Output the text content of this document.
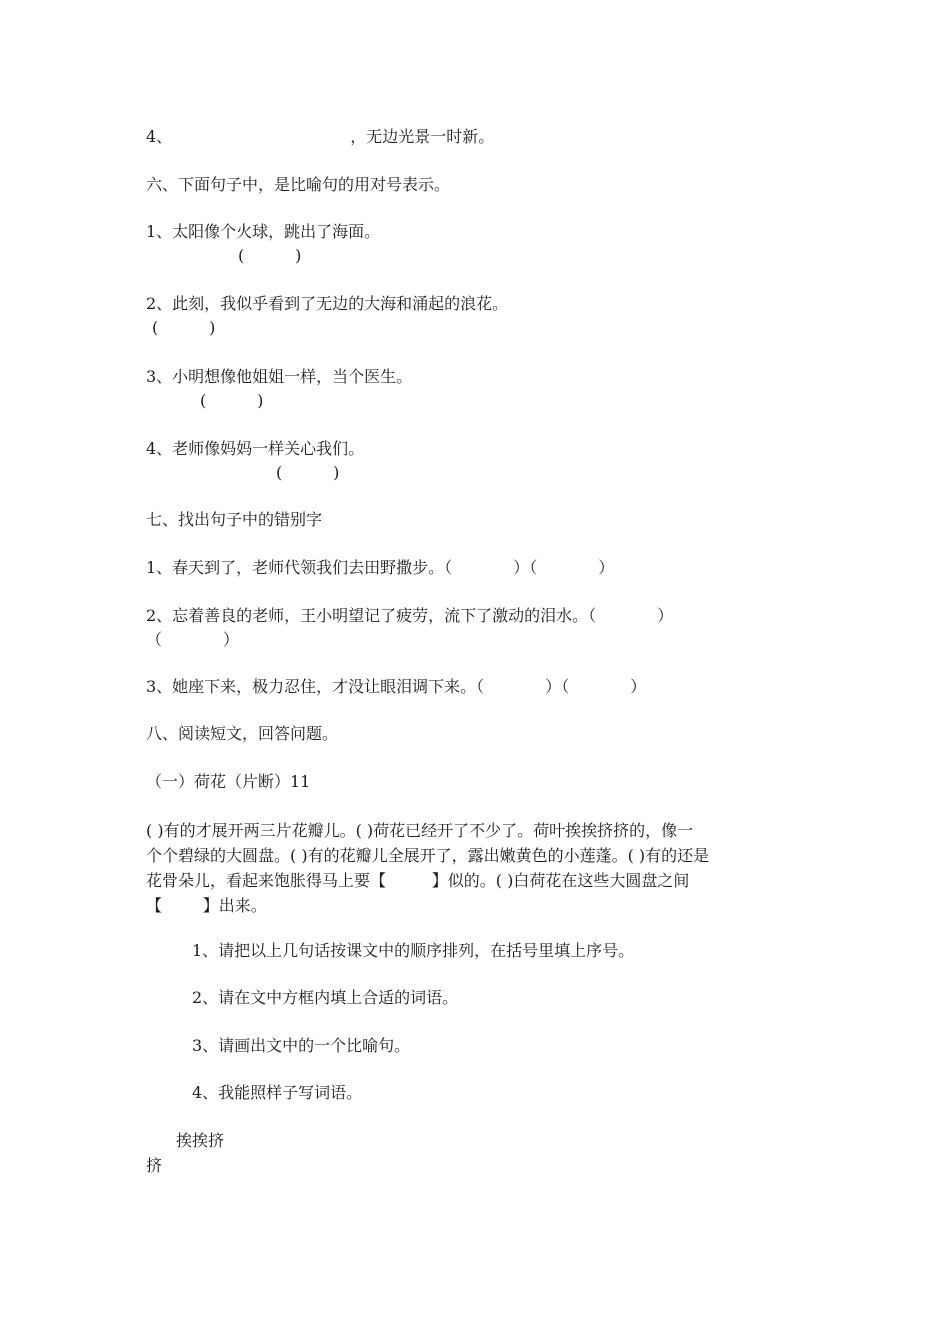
4、                                   ，无边光景一时新。

六、下面句子中，是比喻句的用对号表示。

1、太阳像个火球，跳出了海面。

(          )

2、此刻，我似乎看到了无边的大海和涌起的浪花。

(          )

3、小明想像他姐姐一样，当个医生。

(          )

4、老师像妈妈一样关心我们。

(          )

七、找出句子中的错别字

1、春天到了，老师代领我们去田野撒步。（            ）（            ）

2、忘着善良的老师，王小明望记了疲劳，流下了激动的泪水。（            ）

（            ）

3、她座下来，极力忍住，才没让眼泪调下来。（            ）（            ）

八、阅读短文，回答问题。

（一）荷花（片断）11

( )有的才展开两三片花瓣儿。( )荷花已经开了不少了。荷叶挨挨挤挤的，像一
个个碧绿的大圆盘。( )有的花瓣儿全展开了，露出嫩黄色的小莲蓬。( )有的还是
花骨朵儿，看起来饱胀得马上要【         】似的。( )白荷花在这些大圆盘之间
【        】出来。

1、请把以上几句话按课文中的顺序排列，在括号里填上序号。

2、请在文中方框内填上合适的词语。

3、请画出文中的一个比喻句。

4、我能照样子写词语。

挨挨挤

挤
